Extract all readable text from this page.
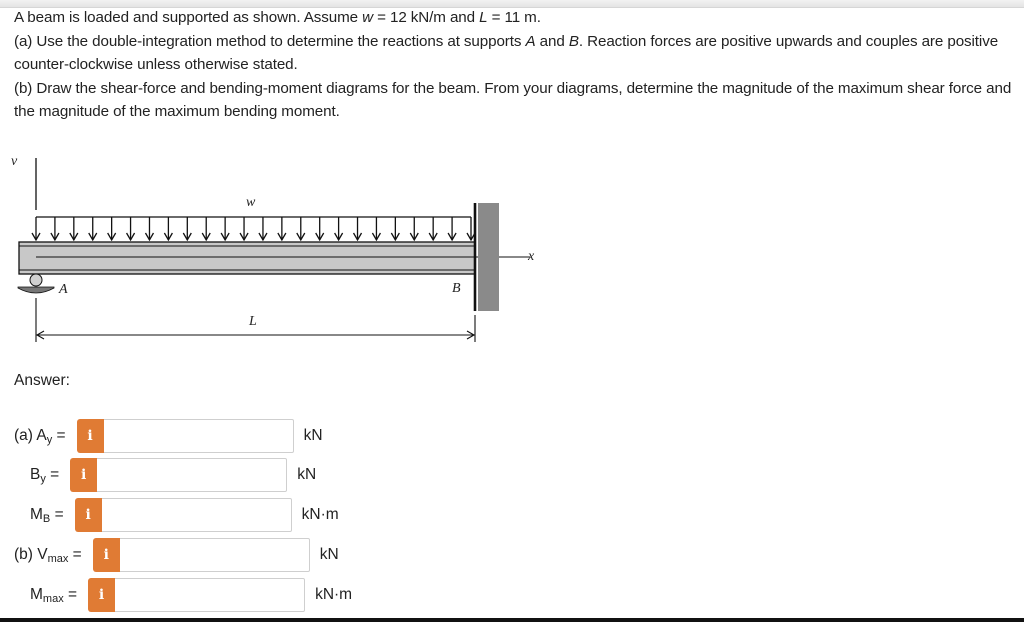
A beam is loaded and supported as shown. Assume w = 12 kN/m and L = 11 m.

(a) Use the double-integration method to determine the reactions at supports A and B. Reaction forces are positive upwards and couples are positive counter-clockwise unless otherwise stated.

(b) Draw the shear-force and bending-moment diagrams for the beam. From your diagrams, determine the magnitude of the maximum shear force and the magnitude of the maximum bending moment.

v
w
x
A	B
L
Answer:
(a) $A_y$ =	i	kN
$B_y$ =	i	kN
$M_B$ =	i	kN·m
(b) $V_{max}$ =	i	kN
$M_{max}$ =	i	kN·m
